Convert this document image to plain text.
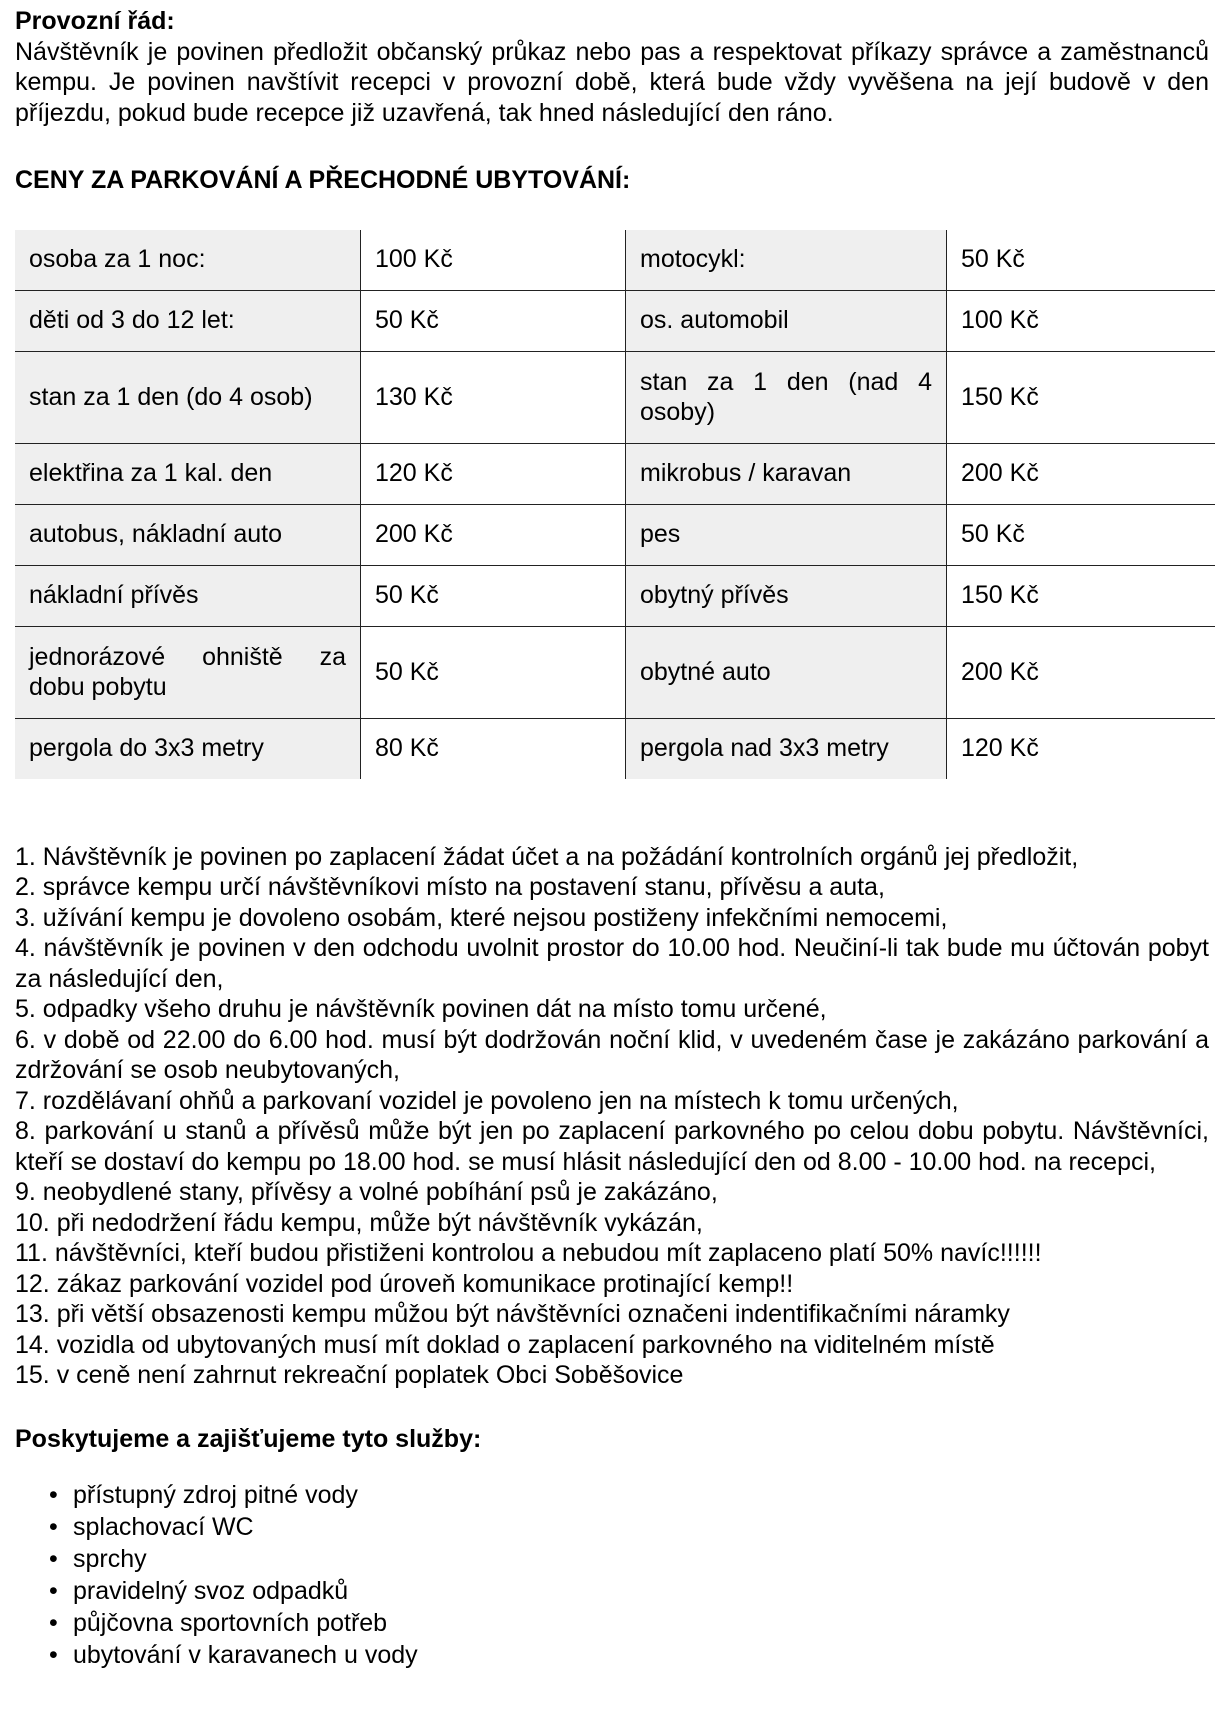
Provozní řád:

Návštěvník je povinen předložit občanský průkaz nebo pas a respektovat příkazy správce a zaměstnanců kempu. Je povinen navštívit recepci v provozní době, která bude vždy vyvěšena na její budově v den příjezdu, pokud bude recepce již uzavřená, tak hned následující den ráno.

CENY ZA PARKOVÁNÍ A PŘECHODNÉ UBYTOVÁNÍ:

osoba za 1 noc:	100 Kč	motocykl:	50 Kč
děti od 3 do 12 let:	50 Kč	os. automobil	100 Kč
stan za 1 den (do 4 osob)	130 Kč	stan za 1 den (nad 4 osoby)	150 Kč
elektřina za 1 kal. den	120 Kč	mikrobus / karavan	200 Kč
autobus, nákladní auto	200 Kč	pes	50 Kč
nákladní přívěs	50 Kč	obytný přívěs	150 Kč
jednorázové ohniště za dobu pobytu	50 Kč	obytné auto	200 Kč
pergola do 3x3 metry	80 Kč	pergola nad 3x3 metry	120 Kč
1. Návštěvník je povinen po zaplacení žádat účet a na požádání kontrolních orgánů jej předložit,
2. správce kempu určí návštěvníkovi místo na postavení stanu, přívěsu a auta,
3. užívání kempu je dovoleno osobám, které nejsou postiženy infekčními nemocemi,
4. návštěvník je povinen v den odchodu uvolnit prostor do 10.00 hod. Neučiní-li tak bude mu účtován pobyt za následující den,
5. odpadky všeho druhu je návštěvník povinen dát na místo tomu určené,
6. v době od 22.00 do 6.00 hod. musí být dodržován noční klid, v uvedeném čase je zakázáno parkování a zdržování se osob neubytovaných,
7. rozdělávaní ohňů a parkovaní vozidel je povoleno jen na místech k tomu určených,
8. parkování u stanů a přívěsů může být jen po zaplacení parkovného po celou dobu pobytu. Návštěvníci, kteří se dostaví do kempu po 18.00 hod. se musí hlásit následující den od 8.00 - 10.00 hod. na recepci,
9. neobydlené stany, přívěsy a volné pobíhání psů je zakázáno,
10. při nedodržení řádu kempu, může být návštěvník vykázán,
11. návštěvníci, kteří budou přistiženi kontrolou a nebudou mít zaplaceno platí 50% navíc!!!!!!
12. zákaz parkování vozidel pod úroveň komunikace protinající kemp!!
13. při větší obsazenosti kempu můžou být návštěvníci označeni indentifikačními náramky
14. vozidla od ubytovaných musí mít doklad o zaplacení parkovného na viditelném místě
15. v ceně není zahrnut rekreační poplatek Obci Soběšovice

Poskytujeme a zajišťujeme tyto služby:

• přístupný zdroj pitné vody
• splachovací WC
• sprchy
• pravidelný svoz odpadků
• půjčovna sportovních potřeb
• ubytování v karavanech u vody
